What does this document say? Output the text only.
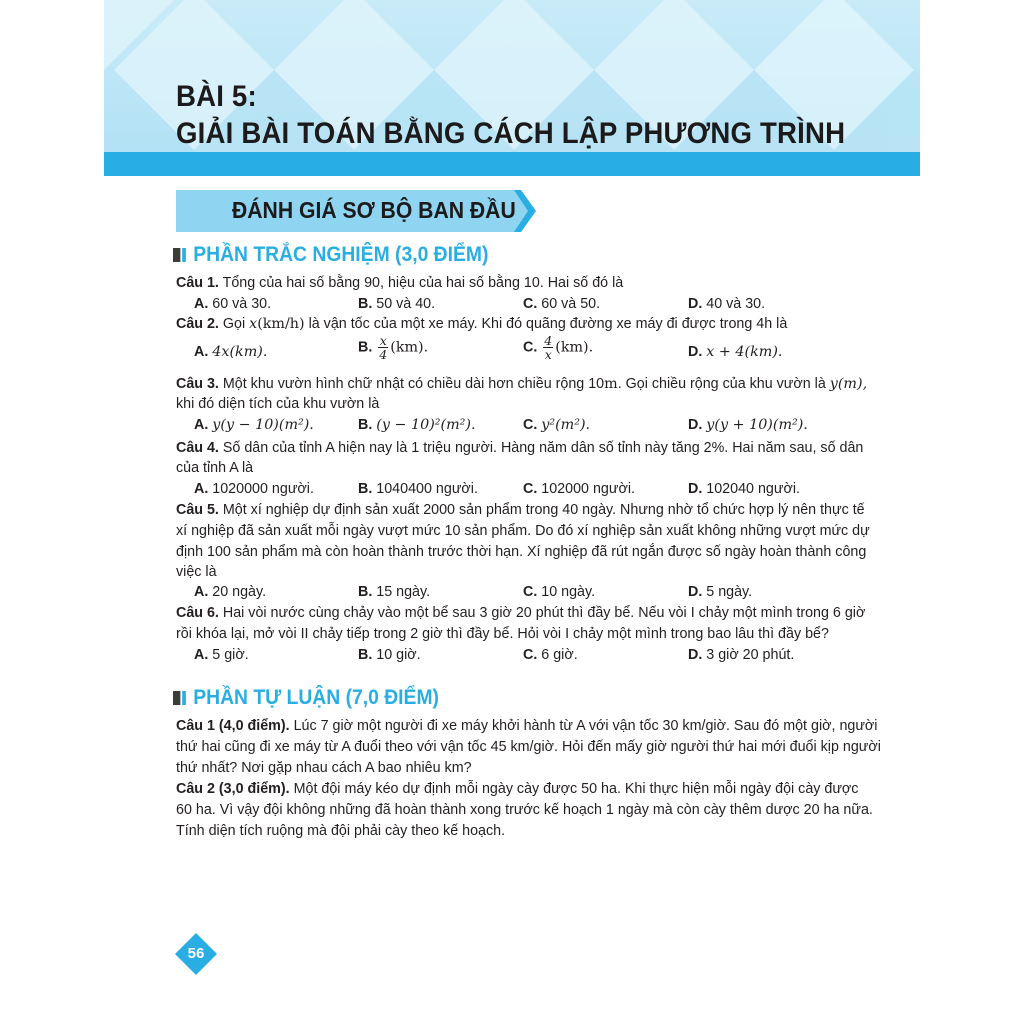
BÀI 5:
GIẢI BÀI TOÁN BẰNG CÁCH LẬP PHƯƠNG TRÌNH
ĐÁNH GIÁ SƠ BỘ BAN ĐẦU
PHẦN TRẮC NGHIỆM (3,0 ĐIỂM)

Câu 1. Tổng của hai số bằng 90, hiệu của hai số bằng 10. Hai số đó là

A. 60 và 30.	B. 50 và 40.	C. 60 và 50.	D. 40 và 30.

Câu 2. Gọi x(km/h) là vận tốc của một xe máy. Khi đó quãng đường xe máy đi được trong 4h là

A. 4x(km).	B. $\frac{x}{4} (km)$.	C. $\frac{4}{x} (km)$.	D. x + 4(km).

Câu 3. Một khu vườn hình chữ nhật có chiều dài hơn chiều rộng 10m. Gọi chiều rộng của khu vườn là y(m),

khi đó diện tích của khu vườn là

A. y(y − 10)(m²).	B. (y − 10)²(m²).	C. y²(m²).	D. y(y + 10)(m²).

Câu 4. Số dân của tỉnh A hiện nay là 1 triệu người. Hàng năm dân số tỉnh này tăng 2%. Hai năm sau, số dân

của tỉnh A là

A. 1020000 người.	B. 1040400 người.	C. 102000 người.	D. 102040 người.

Câu 5. Một xí nghiệp dự định sản xuất 2000 sản phẩm trong 40 ngày. Nhưng nhờ tổ chức hợp lý nên thực tế

xí nghiệp đã sản xuất mỗi ngày vượt mức 10 sản phẩm. Do đó xí nghiệp sản xuất không những vượt mức dự

định 100 sản phẩm mà còn hoàn thành trước thời hạn. Xí nghiệp đã rút ngắn được số ngày hoàn thành công

việc là

A. 20 ngày.	B. 15 ngày.	C. 10 ngày.	D. 5 ngày.

Câu 6. Hai vòi nước cùng chảy vào một bể sau 3 giờ 20 phút thì đầy bể. Nếu vòi I chảy một mình trong 6 giờ

rồi khóa lại, mở vòi II chảy tiếp trong 2 giờ thì đầy bể. Hỏi vòi I chảy một mình trong bao lâu thì đầy bể?

A. 5 giờ.	B. 10 giờ.	C. 6 giờ.	D. 3 giờ 20 phút.

PHẦN TỰ LUẬN (7,0 ĐIỂM)

Câu 1 (4,0 điểm). Lúc 7 giờ một người đi xe máy khởi hành từ A với vận tốc 30 km/giờ. Sau đó một giờ, người

thứ hai cũng đi xe máy từ A đuổi theo với vận tốc 45 km/giờ. Hỏi đến mấy giờ người thứ hai mới đuổi kịp người

thứ nhất? Nơi gặp nhau cách A bao nhiêu km?

Câu 2 (3,0 điểm). Một đội máy kéo dự định mỗi ngày cày được 50 ha. Khi thực hiện mỗi ngày đội cày được

60 ha. Vì vậy đội không những đã hoàn thành xong trước kế hoạch 1 ngày mà còn cày thêm dược 20 ha nữa.

Tính diện tích ruộng mà đội phải cày theo kế hoạch.

56
